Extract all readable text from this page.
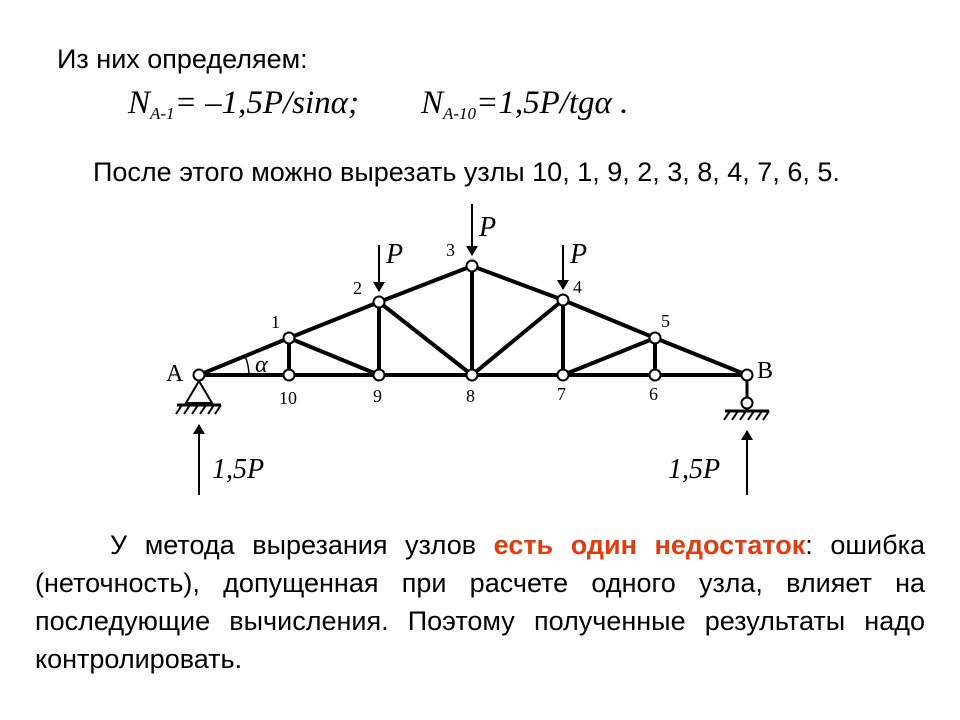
Из них определяем:
$N_{A-1}= -1,5P/\sin\alpha$; $N_{A-10}=1,5P$/tgα .
После этого можно вырезать узлы 10, 1, 9, 2, 3, 8, 4, 7, 6, 5.
α
P
P	P
1,5P	1,5P
A	B
1
2
3
4
5
10	9	8	7	6
У метода вырезания узлов есть один недостаток: ошибка (неточность), допущенная при расчете одного узла, влияет на последующие вычисления. Поэтому полученные результаты надо контролировать.
